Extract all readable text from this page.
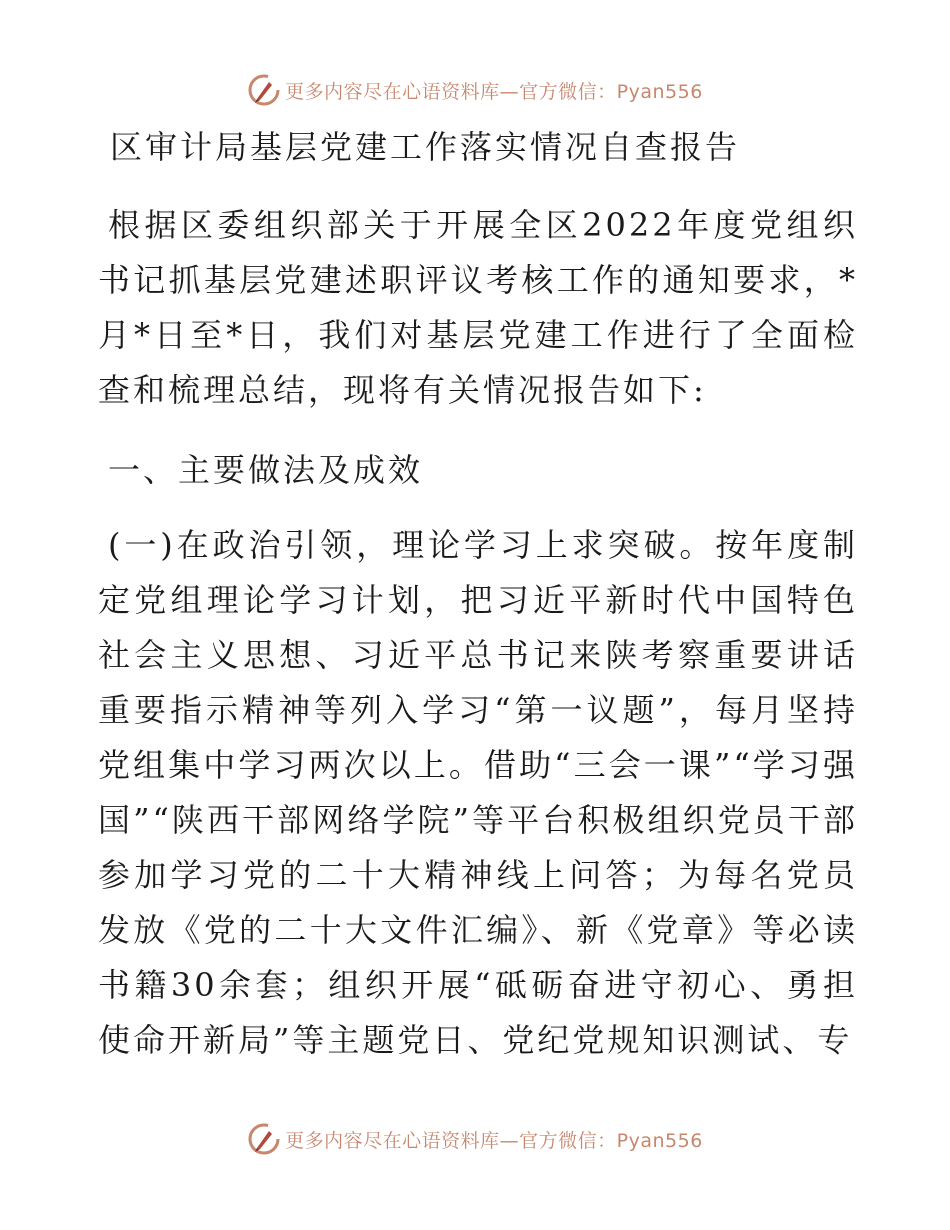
更多内容尽在心语资料库—官方微信：Pyan556
区审计局基层党建工作落实情况自查报告

根据区委组织部关于开展全区2022年度党组织书记抓基层党建述职评议考核工作的通知要求，*月*日至*日，我们对基层党建工作进行了全面检查和梳理总结，现将有关情况报告如下:

一、主要做法及成效

(一)在政治引领，理论学习上求突破。按年度制定党组理论学习计划，把习近平新时代中国特色社会主义思想、习近平总书记来陕考察重要讲话重要指示精神等列入学习“第一议题”，每月坚持党组集中学习两次以上。借助“三会一课”“学习强国”“陕西干部网络学院”等平台积极组织党员干部参加学习党的二十大精神线上问答；为每名党员发放《党的二十大文件汇编》、新《党章》等必读书籍30余套；组织开展“砥砺奋进守初心、勇担使命开新局”等主题党日、党纪党规知识测试、专

更多内容尽在心语资料库—官方微信：Pyan556
